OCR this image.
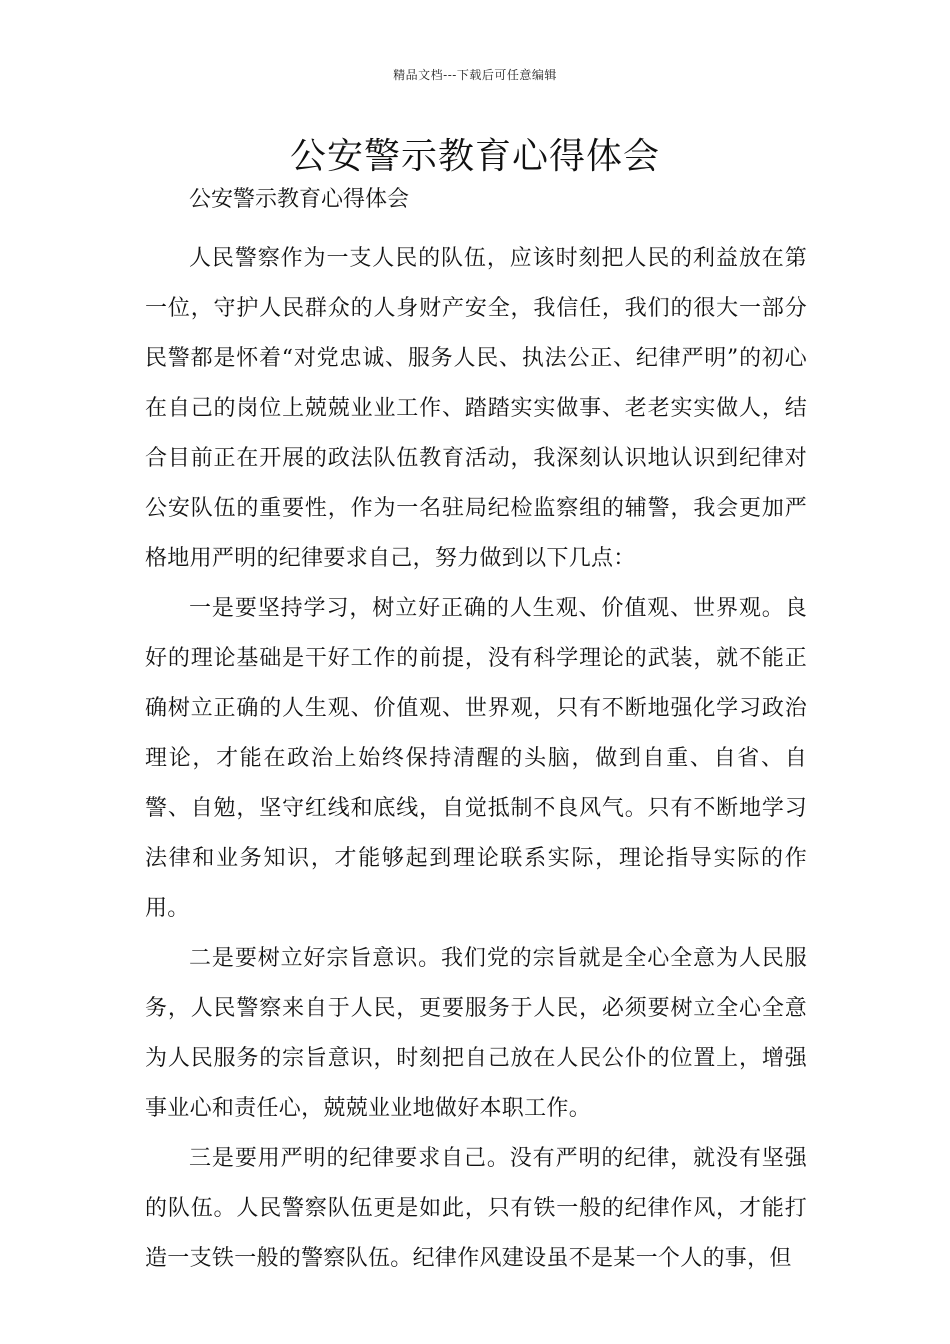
精品文档---下载后可任意编辑
公安警示教育心得体会

公安警示教育心得体会

人民警察作为一支人民的队伍，应该时刻把人民的利益放在第一位，守护人民群众的人身财产安全，我信任，我们的很大一部分民警都是怀着“对党忠诚、服务人民、执法公正、纪律严明”的初心在自己的岗位上兢兢业业工作、踏踏实实做事、老老实实做人，结合目前正在开展的政法队伍教育活动，我深刻认识地认识到纪律对公安队伍的重要性，作为一名驻局纪检监察组的辅警，我会更加严格地用严明的纪律要求自己，努力做到以下几点：

一是要坚持学习，树立好正确的人生观、价值观、世界观。良好的理论基础是干好工作的前提，没有科学理论的武装，就不能正确树立正确的人生观、价值观、世界观，只有不断地强化学习政治理论，才能在政治上始终保持清醒的头脑，做到自重、自省、自警、自勉，坚守红线和底线，自觉抵制不良风气。只有不断地学习法律和业务知识，才能够起到理论联系实际，理论指导实际的作用。

二是要树立好宗旨意识。我们党的宗旨就是全心全意为人民服务，人民警察来自于人民，更要服务于人民，必须要树立全心全意为人民服务的宗旨意识，时刻把自己放在人民公仆的位置上，增强事业心和责任心，兢兢业业地做好本职工作。

三是要用严明的纪律要求自己。没有严明的纪律，就没有坚强的队伍。人民警察队伍更是如此，只有铁一般的纪律作风，才能打造一支铁一般的警察队伍。纪律作风建设虽不是某一个人的事，但
